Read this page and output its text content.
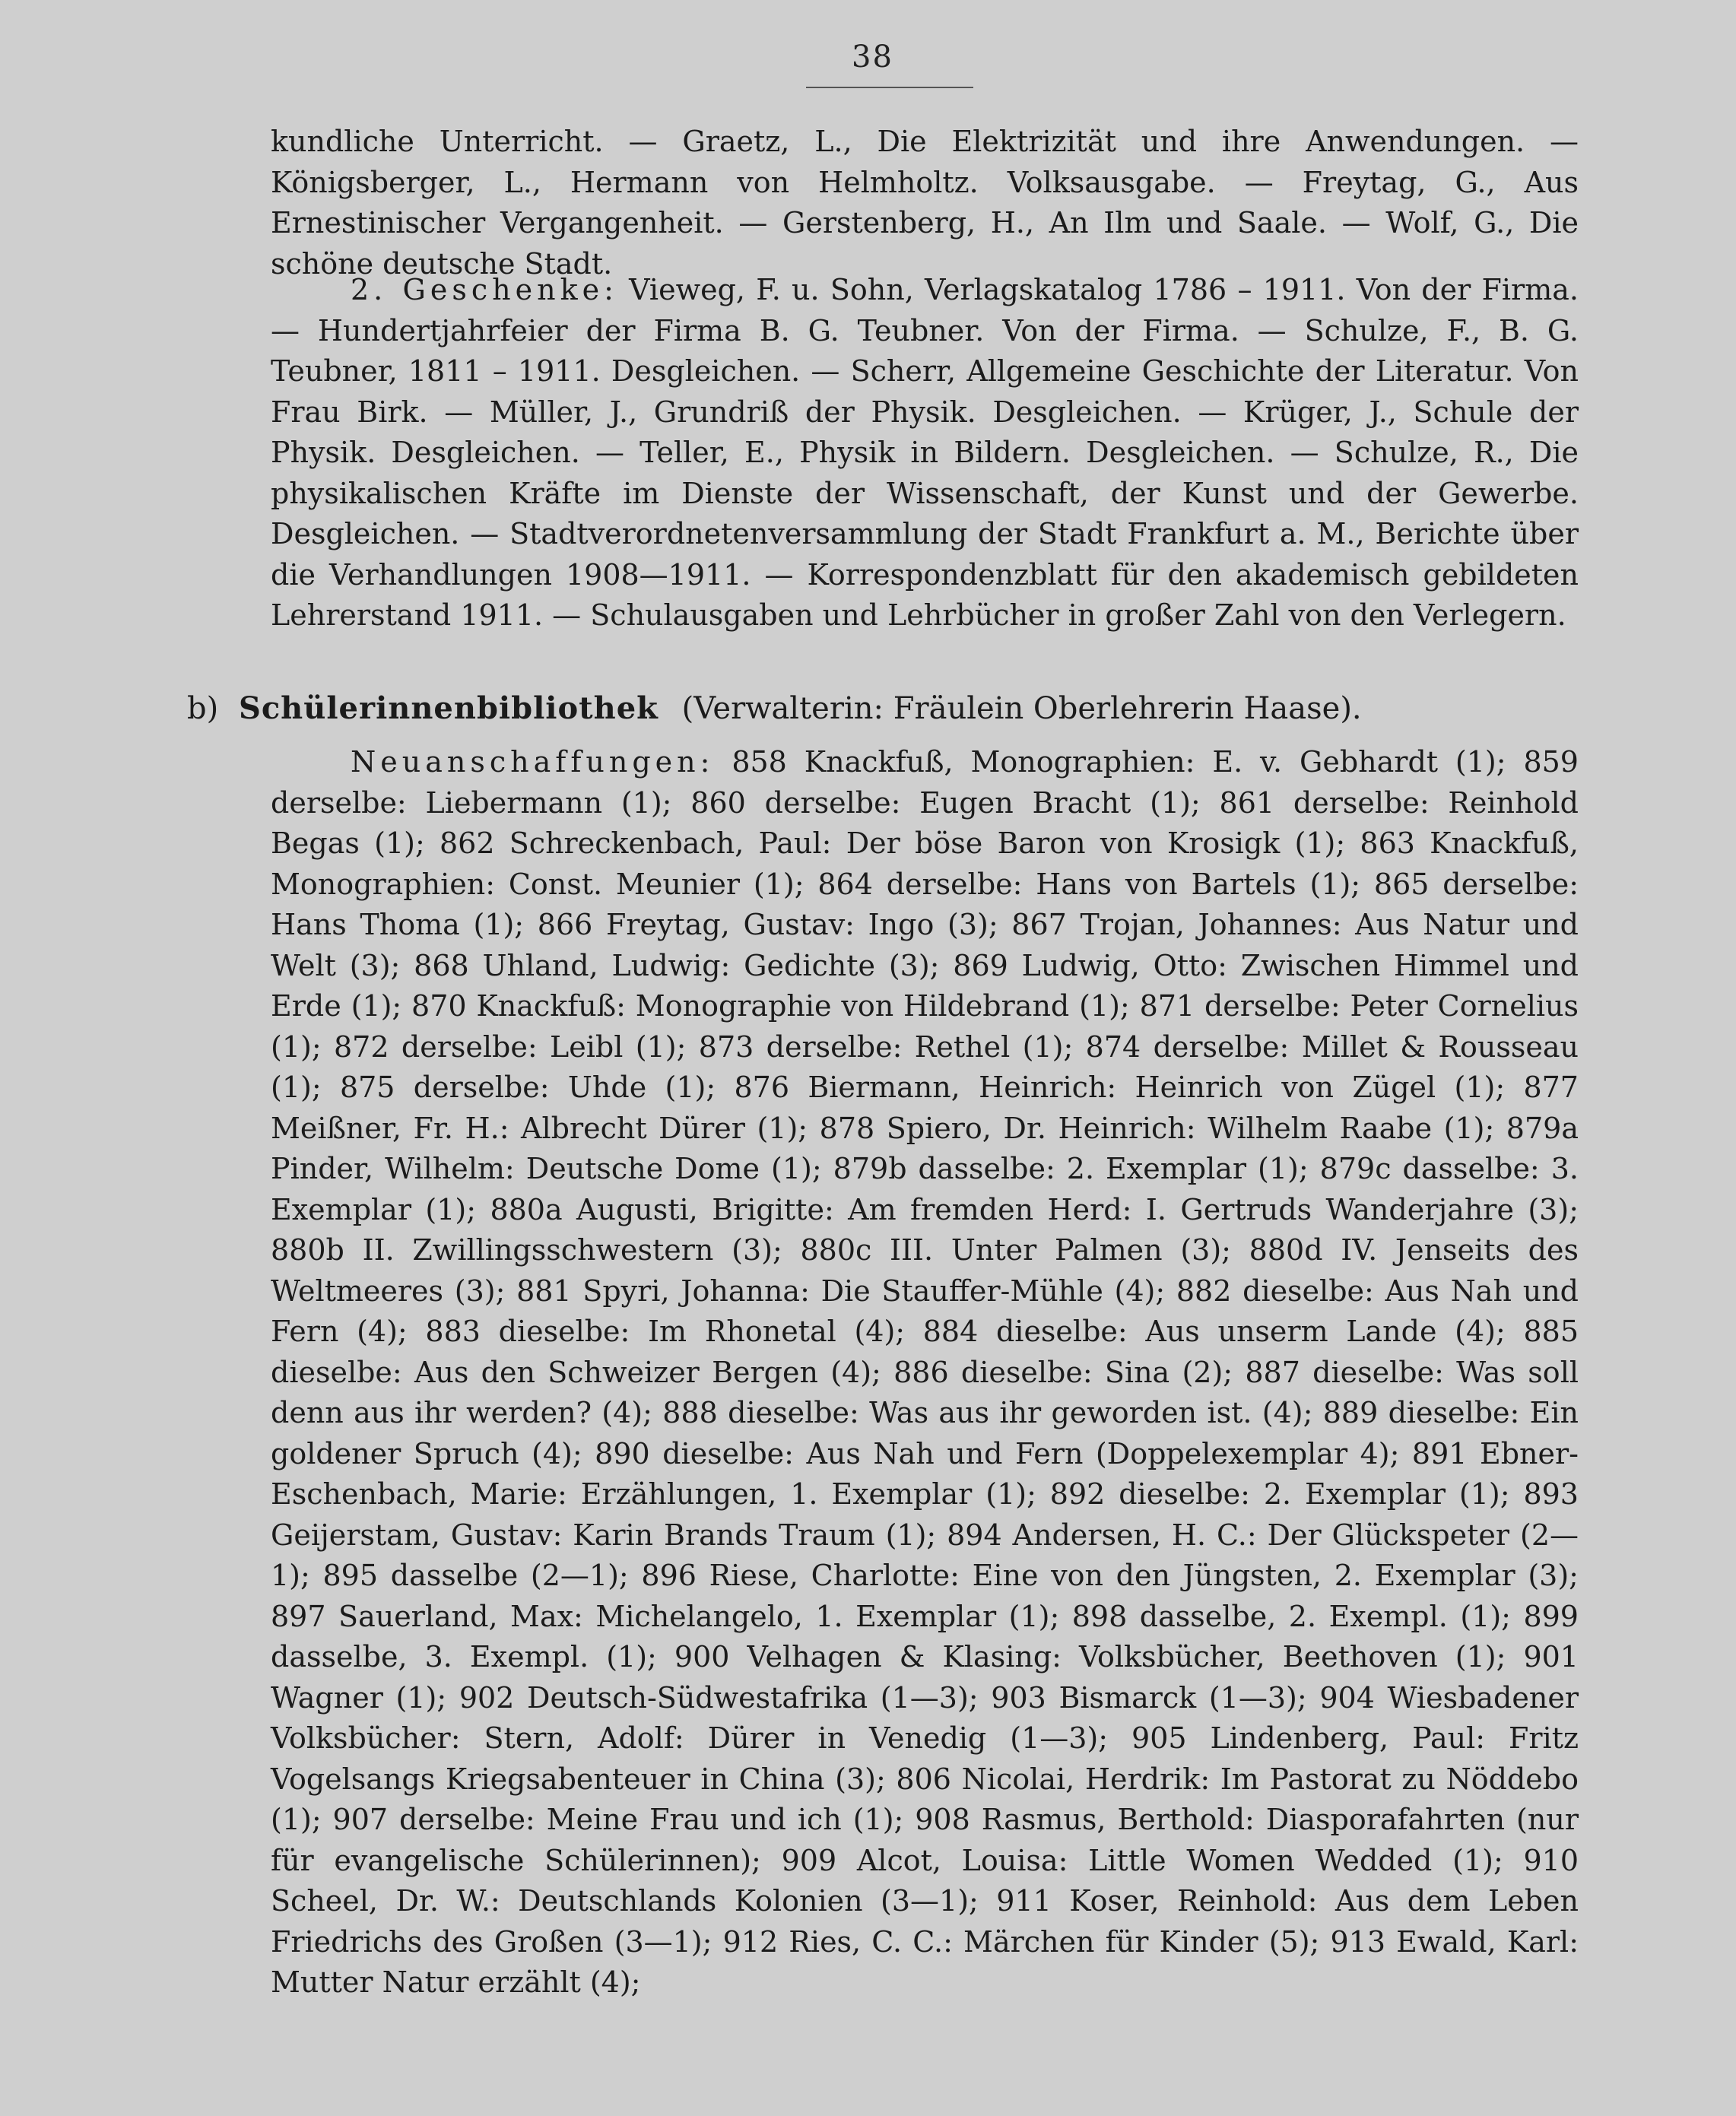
38

kundliche Unterricht. — Graetz, L., Die Elektrizität und ihre Anwendungen. — Königsberger, L., Hermann von Helmholtz. Volksausgabe. — Freytag, G., Aus Ernestinischer Vergangenheit. — Gerstenberg, H., An Ilm und Saale. — Wolf, G., Die schöne deutsche Stadt.

2. Geschenke: Vieweg, F. u. Sohn, Verlagskatalog 1786 – 1911. Von der Firma. — Hundertjahrfeier der Firma B. G. Teubner. Von der Firma. — Schulze, F., B. G. Teubner, 1811 – 1911. Desgleichen. — Scherr, Allgemeine Geschichte der Literatur. Von Frau Birk. — Müller, J., Grundriß der Physik. Desgleichen. — Krüger, J., Schule der Physik. Desgleichen. — Teller, E., Physik in Bildern. Desgleichen. — Schulze, R., Die physikalischen Kräfte im Dienste der Wissenschaft, der Kunst und der Gewerbe. Desgleichen. — Stadtverordnetenversammlung der Stadt Frankfurt a. M., Berichte über die Verhandlungen 1908—1911. — Korrespondenzblatt für den akademisch gebildeten Lehrerstand 1911. — Schulausgaben und Lehrbücher in großer Zahl von den Verlegern.

b) Schülerinnenbibliothek (Verwalterin: Fräulein Oberlehrerin Haase).

Neuanschaffungen: 858 Knackfuß, Monographien: E. v. Gebhardt (1); 859 derselbe: Liebermann (1); 860 derselbe: Eugen Bracht (1); 861 derselbe: Reinhold Begas (1); 862 Schreckenbach, Paul: Der böse Baron von Krosigk (1); 863 Knackfuß, Monographien: Const. Meunier (1); 864 derselbe: Hans von Bartels (1); 865 derselbe: Hans Thoma (1); 866 Freytag, Gustav: Ingo (3); 867 Trojan, Johannes: Aus Natur und Welt (3); 868 Uhland, Ludwig: Gedichte (3); 869 Ludwig, Otto: Zwischen Himmel und Erde (1); 870 Knackfuß: Monographie von Hildebrand (1); 871 derselbe: Peter Cornelius (1); 872 derselbe: Leibl (1); 873 derselbe: Rethel (1); 874 derselbe: Millet & Rousseau (1); 875 derselbe: Uhde (1); 876 Biermann, Heinrich: Heinrich von Zügel (1); 877 Meißner, Fr. H.: Albrecht Dürer (1); 878 Spiero, Dr. Heinrich: Wilhelm Raabe (1); 879a Pinder, Wilhelm: Deutsche Dome (1); 879b dasselbe: 2. Exemplar (1); 879c dasselbe: 3. Exemplar (1); 880a Augusti, Brigitte: Am fremden Herd: I. Gertruds Wanderjahre (3); 880b II. Zwillingsschwestern (3); 880c III. Unter Palmen (3); 880d IV. Jenseits des Weltmeeres (3); 881 Spyri, Johanna: Die Stauffer-Mühle (4); 882 dieselbe: Aus Nah und Fern (4); 883 dieselbe: Im Rhonetal (4); 884 dieselbe: Aus unserm Lande (4); 885 dieselbe: Aus den Schweizer Bergen (4); 886 dieselbe: Sina (2); 887 dieselbe: Was soll denn aus ihr werden? (4); 888 dieselbe: Was aus ihr geworden ist. (4); 889 dieselbe: Ein goldener Spruch (4); 890 dieselbe: Aus Nah und Fern (Doppelexemplar 4); 891 Ebner-Eschenbach, Marie: Erzählungen, 1. Exemplar (1); 892 dieselbe: 2. Exemplar (1); 893 Geijerstam, Gustav: Karin Brands Traum (1); 894 Andersen, H. C.: Der Glückspeter (2—1); 895 dasselbe (2—1); 896 Riese, Charlotte: Eine von den Jüngsten, 2. Exemplar (3); 897 Sauerland, Max: Michelangelo, 1. Exemplar (1); 898 dasselbe, 2. Exempl. (1); 899 dasselbe, 3. Exempl. (1); 900 Velhagen & Klasing: Volksbücher, Beethoven (1); 901 Wagner (1); 902 Deutsch-Südwestafrika (1—3); 903 Bismarck (1—3); 904 Wiesbadener Volksbücher: Stern, Adolf: Dürer in Venedig (1—3); 905 Lindenberg, Paul: Fritz Vogelsangs Kriegsabenteuer in China (3); 806 Nicolai, Herdrik: Im Pastorat zu Nöddebo (1); 907 derselbe: Meine Frau und ich (1); 908 Rasmus, Berthold: Diasporafahrten (nur für evangelische Schülerinnen); 909 Alcot, Louisa: Little Women Wedded (1); 910 Scheel, Dr. W.: Deutschlands Kolonien (3—1); 911 Koser, Reinhold: Aus dem Leben Friedrichs des Großen (3—1); 912 Ries, C. C.: Märchen für Kinder (5); 913 Ewald, Karl: Mutter Natur erzählt (4);
